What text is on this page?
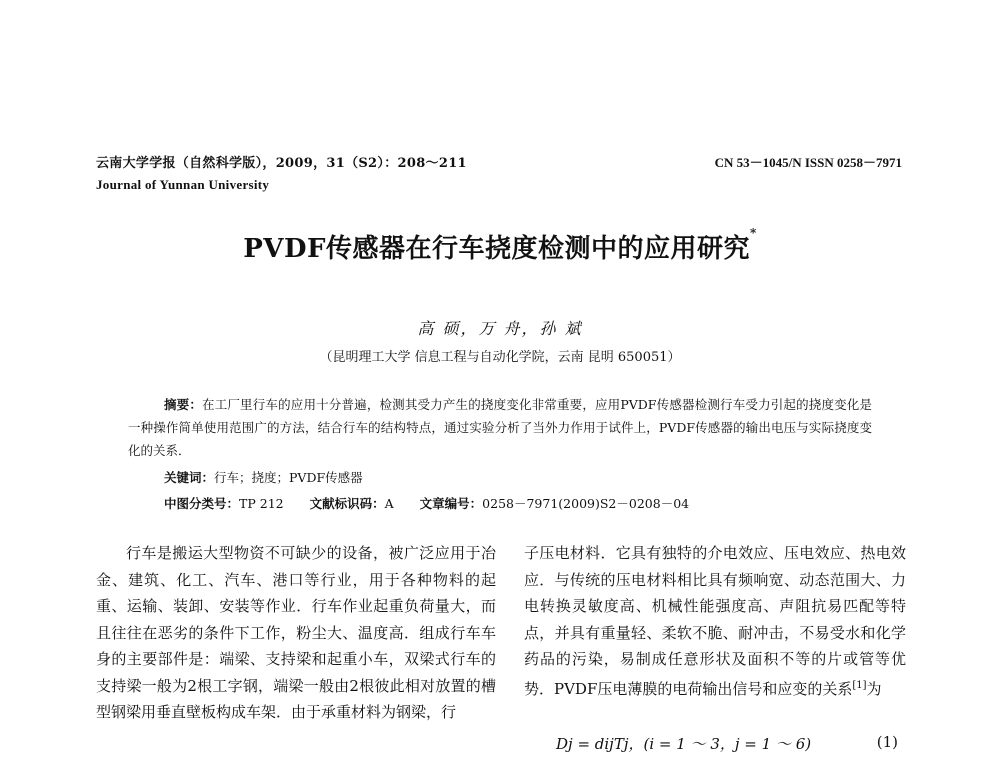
云南大学学报（自然科学版），2009，31（S2）：208～211
Journal of Yunnan University
CN 53－1045/N ISSN 0258－7971
PVDF传感器在行车挠度检测中的应用研究*
高 硕，万 舟，孙 斌
（昆明理工大学 信息工程与自动化学院，云南 昆明 650051）

摘要：在工厂里行车的应用十分普遍，检测其受力产生的挠度变化非常重要，应用PVDF传感器检测行车受力引起的挠度变化是一种操作简单使用范围广的方法，结合行车的结构特点，通过实验分析了当外力作用于试件上，PVDF传感器的输出电压与实际挠度变化的关系．

关键词：行车；挠度；PVDF传感器
中图分类号：TP 212 文献标识码：A 文章编号：0258－7971(2009)S2－0208－04

行车是搬运大型物资不可缺少的设备，被广泛应用于冶金、建筑、化工、汽车、港口等行业，用于各种物料的起重、运输、装卸、安装等作业．行车作业起重负荷量大，而且往往在恶劣的条件下工作，粉尘大、温度高．组成行车车身的主要部件是：端梁、支持梁和起重小车，双梁式行车的支持梁一般为2根工字钢，端梁一般由2根彼此相对放置的槽型钢梁用垂直壁板构成车架．由于承重材料为钢梁，行

子压电材料．它具有独特的介电效应、压电效应、热电效应．与传统的压电材料相比具有频响宽、动态范围大、力电转换灵敏度高、机械性能强度高、声阻抗易匹配等特点，并具有重量轻、柔软不脆、耐冲击，不易受水和化学药品的污染，易制成任意形状及面积不等的片或管等优势．PVDF压电薄膜的电荷输出信号和应变的关系[1]为

Dj = dijTj，(i = 1 ～ 3，j = 1 ～ 6)	(1)
